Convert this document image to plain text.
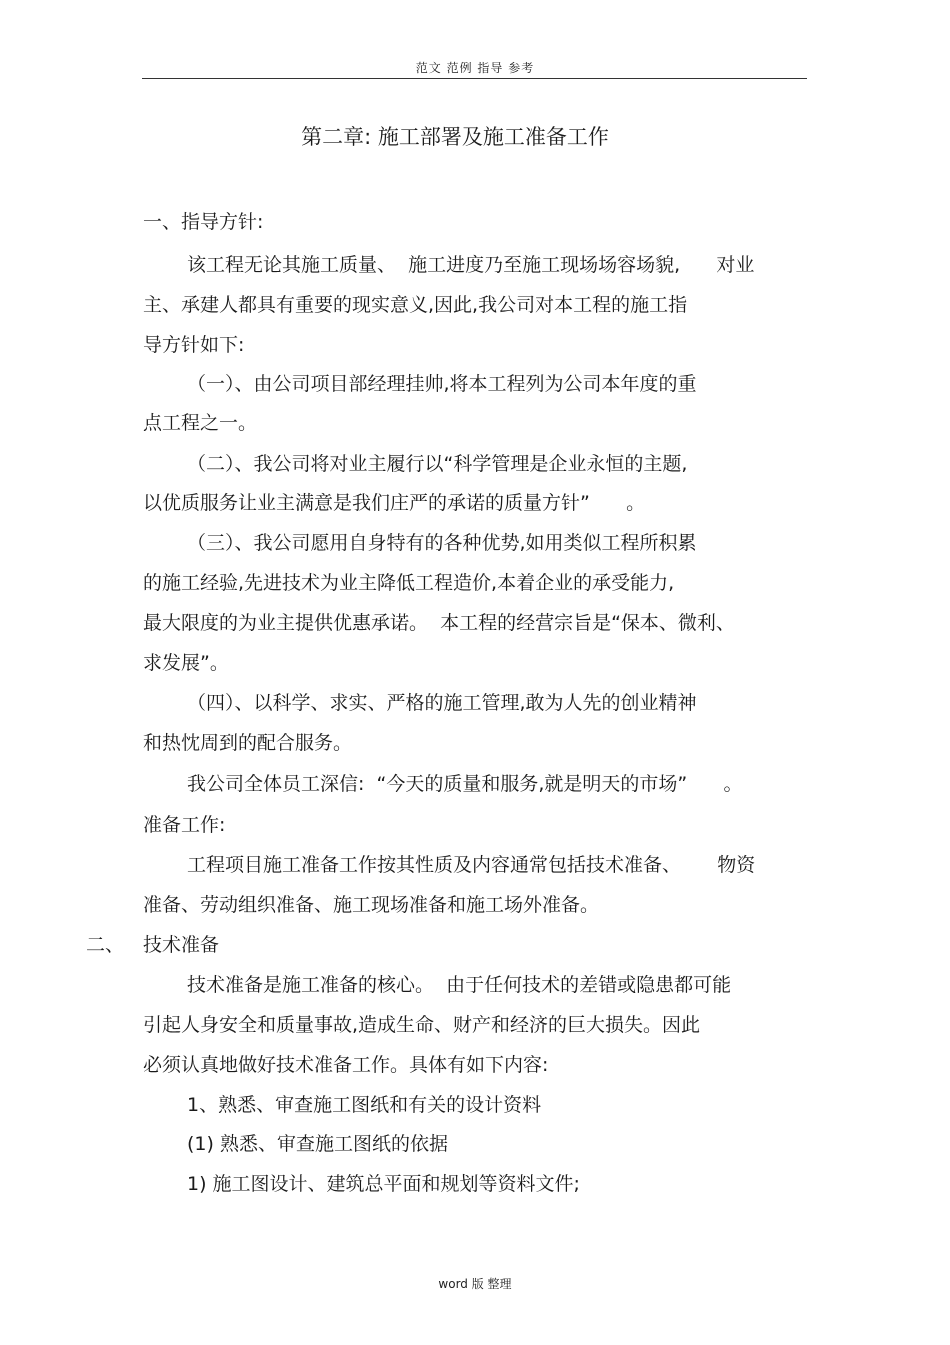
范文 范例 指导 参考
第二章: 施工部署及施工准备工作
一、指导方针:
该工程无论其施工质量、  施工进度乃至施工现场场容场貌,      对业
主、承建人都具有重要的现实意义,因此,我公司对本工程的施工指
导方针如下:
（一）、由公司项目部经理挂帅,将本工程列为公司本年度的重
点工程之一。
（二）、我公司将对业主履行以“科学管理是企业永恒的主题,
以优质服务让业主满意是我们庄严的承诺的质量方针”      。
（三）、我公司愿用自身特有的各种优势,如用类似工程所积累
的施工经验,先进技术为业主降低工程造价,本着企业的承受能力,
最大限度的为业主提供优惠承诺。  本工程的经营宗旨是“保本、微利、
求发展”。
（四）、以科学、求实、严格的施工管理,敢为人先的创业精神
和热忱周到的配合服务。
我公司全体员工深信:  “今天的质量和服务,就是明天的市场”      。
准备工作:
工程项目施工准备工作按其性质及内容通常包括技术准备、      物资
准备、劳动组织准备、施工现场准备和施工场外准备。
二、 技术准备
技术准备是施工准备的核心。  由于任何技术的差错或隐患都可能
引起人身安全和质量事故,造成生命、财产和经济的巨大损失。因此
必须认真地做好技术准备工作。具体有如下内容:
1、熟悉、审查施工图纸和有关的设计资料
(1) 熟悉、审查施工图纸的依据
1) 施工图设计、建筑总平面和规划等资料文件;
word 版 整理
